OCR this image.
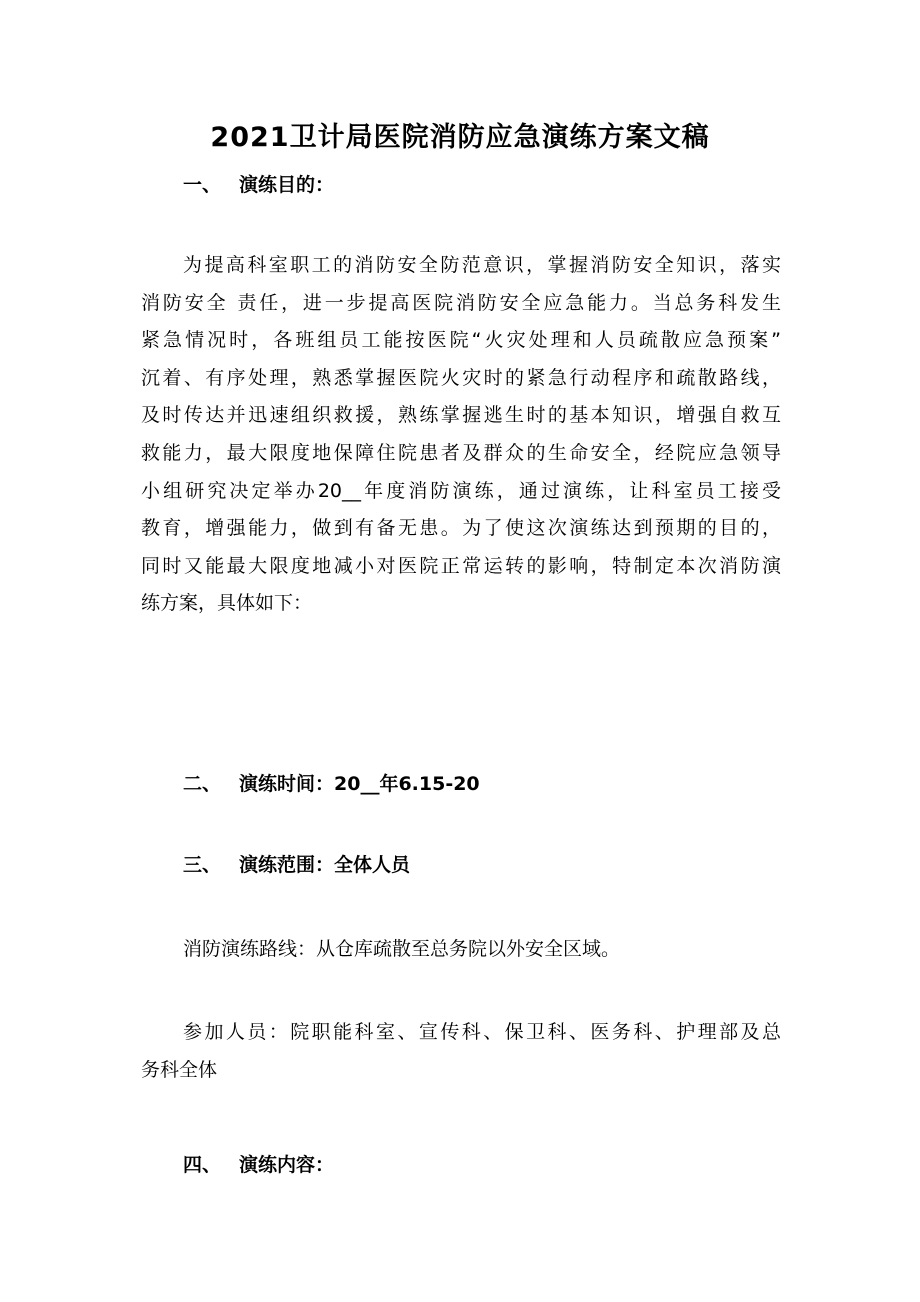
2021卫计局医院消防应急演练方案文稿
一、 演练目的：
为提高科室职工的消防安全防范意识，掌握消防安全知识，落实
消防安全 责任，进一步提高医院消防安全应急能力。当总务科发生
紧急情况时，各班组员工能按医院“火灾处理和人员疏散应急预案”
沉着、有序处理，熟悉掌握医院火灾时的紧急行动程序和疏散路线，
及时传达并迅速组织救援，熟练掌握逃生时的基本知识，增强自救互
救能力，最大限度地保障住院患者及群众的生命安全，经院应急领导
小组研究决定举办20__年度消防演练，通过演练，让科室员工接受
教育，增强能力，做到有备无患。为了使这次演练达到预期的目的，
同时又能最大限度地减小对医院正常运转的影响，特制定本次消防演
练方案，具体如下：
二、 演练时间：20__年6.15-20
三、 演练范围：全体人员
消防演练路线：从仓库疏散至总务院以外安全区域。
参加人员：院职能科室、宣传科、保卫科、医务科、护理部及总
务科全体
四、 演练内容：
